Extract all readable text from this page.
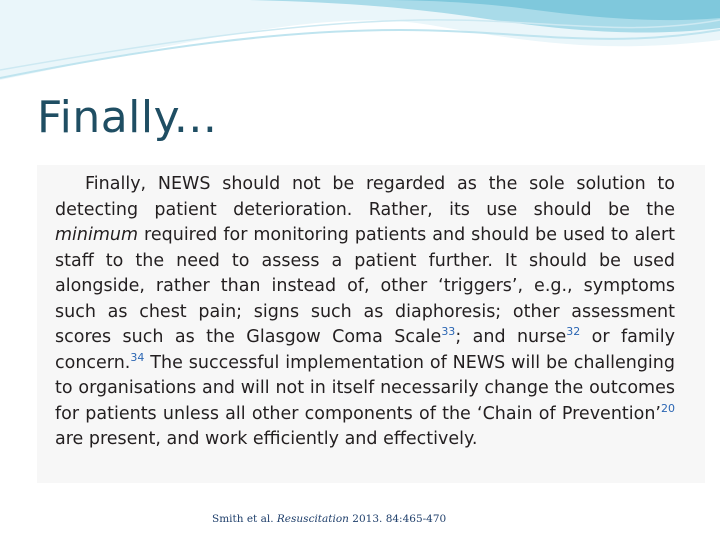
Finally...

Finally, NEWS should not be regarded as the sole solution to detecting patient deterioration. Rather, its use should be the minimum required for monitoring patients and should be used to alert staff to the need to assess a patient further. It should be used alongside, rather than instead of, other ‘triggers’, e.g., symptoms such as chest pain; signs such as diaphoresis; other assessment scores such as the Glasgow Coma Scale$^{33}$; and nurse$^{32}$ or family concern.$^{34}$ The successful implementation of NEWS will be challenging to organisations and will not in itself necessarily change the outcomes for patients unless all other components of the ‘Chain of Prevention’$^{20}$ are present, and work efficiently and effectively.

Smith et al. Resuscitation 2013. 84:465-470
